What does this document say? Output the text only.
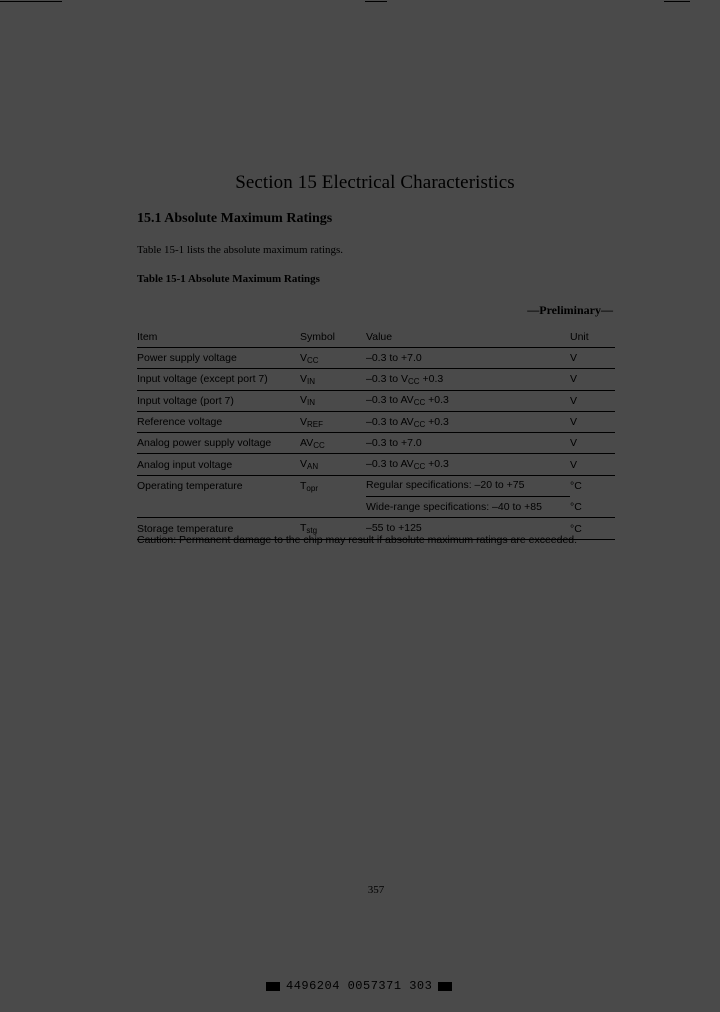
Section 15 Electrical Characteristics
15.1 Absolute Maximum Ratings
Table 15-1 lists the absolute maximum ratings.
Table 15-1 Absolute Maximum Ratings
—Preliminary—
Item	Symbol	Value	Unit
Power supply voltage	$V_{CC}$	–0.3 to +7.0	V
Input voltage (except port 7)	$V_{IN}$	–0.3 to $V_{CC} +0.3$	V
Input voltage (port 7)	$V_{IN}$	–0.3 to $AV_{CC} +0.3$	V
Reference voltage	$V_{REF}$	–0.3 to $AV_{CC} +0.3$	V
Analog power supply voltage	$AV_{CC}$	–0.3 to +7.0	V
Analog input voltage	$V_{AN}$	–0.3 to $AV_{CC} +0.3$	V
Operating temperature	$T_{opr}$	Regular specifications: –20 to +75	°C
		Wide-range specifications: –40 to +85	°C
Storage temperature	$T_{stg}$	–55 to +125	°C
Caution: Permanent damage to the chip may result if absolute maximum ratings are exceeded.
357
4496204 0057371 303
